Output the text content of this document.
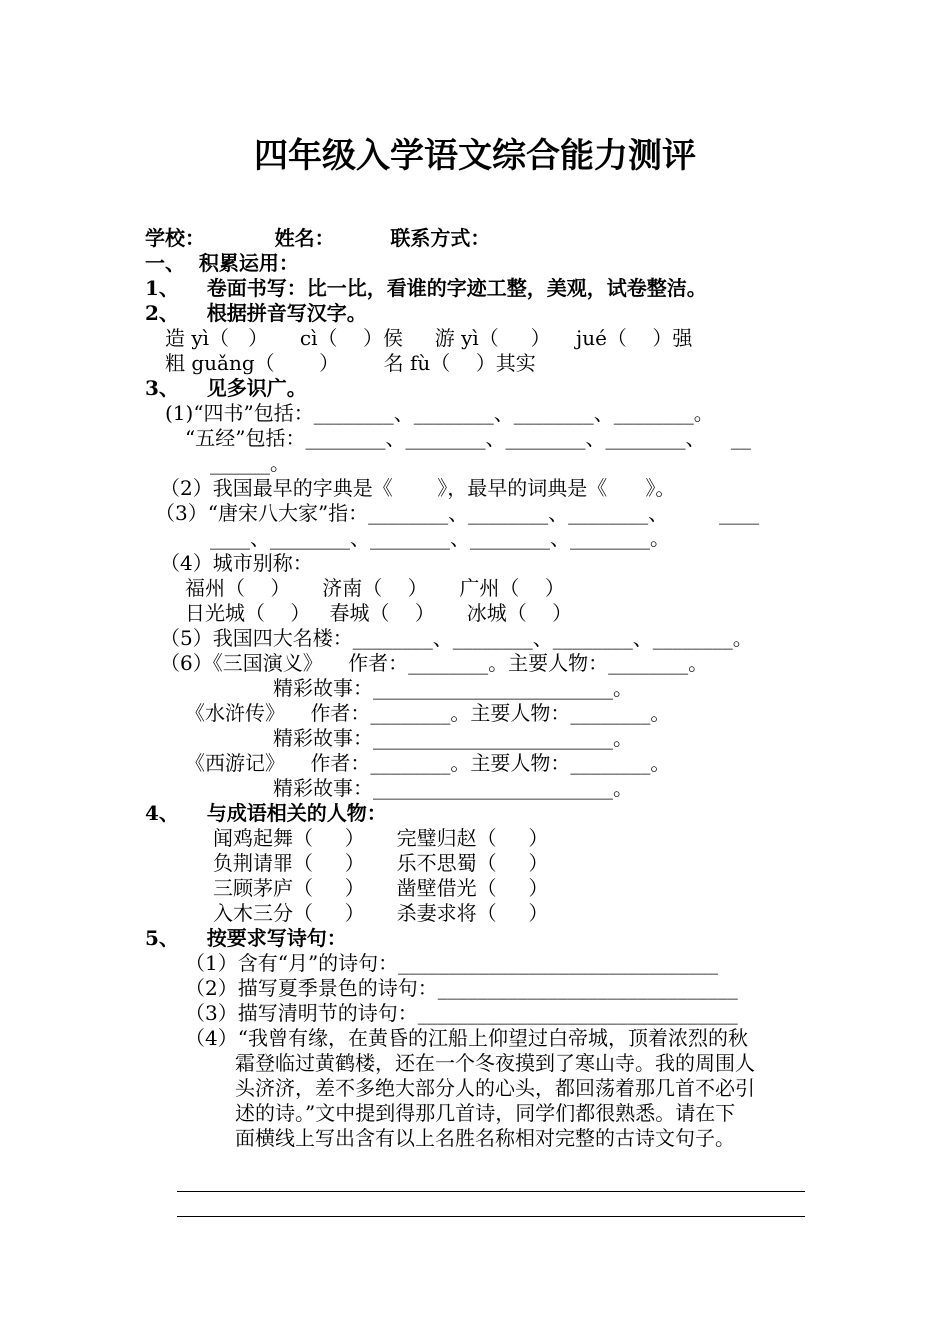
四年级入学语文综合能力测评
学校：          姓名：        联系方式：
一、  积累运用：
1、    卷面书写：比一比，看谁的字迹工整，美观，试卷整洁。
2、    根据拼音写汉字。
造 yì（   ）     cì（    ）侯     游 yì（     ）    jué（    ）强
粗 guǎng（       ）       名 fù（    ）其实
3、    见多识广。
(1)“四书”包括：________、________、________、________。
“五经”包括：________、________、________、________、    __
______。
（2）我国最早的字典是《       》，最早的词典是《      》。
（3）“唐宋八大家”指：________、________、________、        ____
____、________、________、________、________。
（4）城市别称：
福州（    ）     济南（    ）     广州（    ）
日光城（    ）   春城（    ）     冰城（    ）
（5）我国四大名楼：________、________、________、________。
（6）《三国演义》    作者：________。主要人物：________。
精彩故事：________________________。
《水浒传》    作者：________。主要人物：________。
精彩故事：________________________。
《西游记》    作者：________。主要人物：________。
精彩故事：________________________。
4、    与成语相关的人物：
闻鸡起舞（     ）     完璧归赵（     ）
负荆请罪（     ）     乐不思蜀（     ）
三顾茅庐（     ）     凿壁借光（     ）
入木三分（     ）     杀妻求将（     ）
5、    按要求写诗句：
（1）含有“月”的诗句：________________________________
（2）描写夏季景色的诗句：______________________________
（3）描写清明节的诗句：________________________________
（4）“我曾有缘，在黄昏的江船上仰望过白帝城，顶着浓烈的秋
霜登临过黄鹤楼，还在一个冬夜摸到了寒山寺。我的周围人
头济济，差不多绝大部分人的心头，都回荡着那几首不必引
述的诗。”文中提到得那几首诗，同学们都很熟悉。请在下
面横线上写出含有以上名胜名称相对完整的古诗文句子。
